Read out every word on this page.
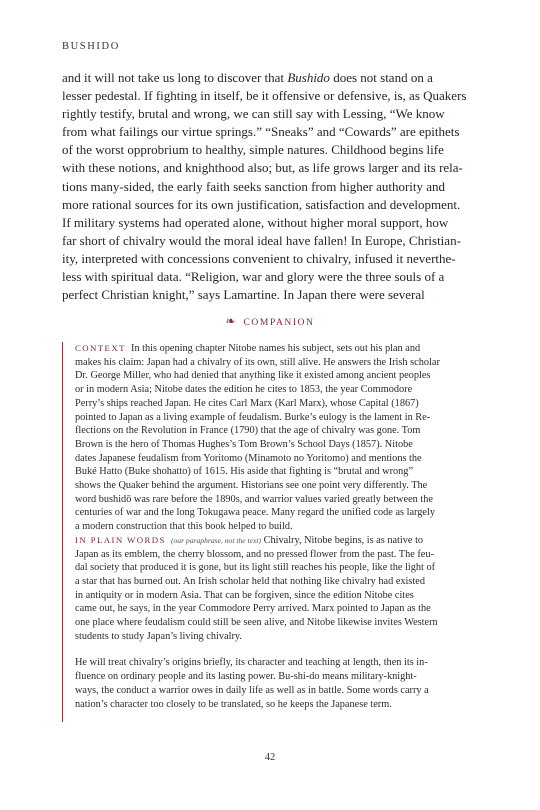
BUSHIDO

and it will not take us long to discover that Bushido does not stand on a

lesser pedestal. If fighting in itself, be it offensive or defensive, is, as Quakers

rightly testify, brutal and wrong, we can still say with Lessing, “We know

from what failings our virtue springs.” “Sneaks” and “Cowards” are epithets

of the worst opprobrium to healthy, simple natures. Childhood begins life

with these notions, and knighthood also; but, as life grows larger and its rela-

tions many-sided, the early faith seeks sanction from higher authority and

more rational sources for its own justification, satisfaction and development.

If military systems had operated alone, without higher moral support, how

far short of chivalry would the moral ideal have fallen! In Europe, Christian-

ity, interpreted with concessions convenient to chivalry, infused it neverthe-

less with spiritual data. “Religion, war and glory were the three souls of a

perfect Christian knight,” says Lamartine. In Japan there were several

❧ COMPANION

CONTEXT In this opening chapter Nitobe names his subject, sets out his plan and

makes his claim: Japan had a chivalry of its own, still alive. He answers the Irish scholar

Dr. George Miller, who had denied that anything like it existed among ancient peoples

or in modern Asia; Nitobe dates the edition he cites to 1853, the year Commodore

Perry’s ships reached Japan. He cites Carl Marx (Karl Marx), whose Capital (1867)

pointed to Japan as a living example of feudalism. Burke’s eulogy is the lament in Re-

flections on the Revolution in France (1790) that the age of chivalry was gone. Tom

Brown is the hero of Thomas Hughes’s Tom Brown’s School Days (1857). Nitobe

dates Japanese feudalism from Yoritomo (Minamoto no Yoritomo) and mentions the

Buké Hatto (Buke shohatto) of 1615. His aside that fighting is “brutal and wrong”

shows the Quaker behind the argument. Historians see one point very differently. The

word bushidō was rare before the 1890s, and warrior values varied greatly between the

centuries of war and the long Tokugawa peace. Many regard the unified code as largely

a modern construction that this book helped to build.

IN PLAIN WORDS (our paraphrase, not the text) Chivalry, Nitobe begins, is as native to

Japan as its emblem, the cherry blossom, and no pressed flower from the past. The feu-

dal society that produced it is gone, but its light still reaches his people, like the light of

a star that has burned out. An Irish scholar held that nothing like chivalry had existed

in antiquity or in modern Asia. That can be forgiven, since the edition Nitobe cites

came out, he says, in the year Commodore Perry arrived. Marx pointed to Japan as the

one place where feudalism could still be seen alive, and Nitobe likewise invites Western

students to study Japan’s living chivalry.

He will treat chivalry’s origins briefly, its character and teaching at length, then its in-

fluence on ordinary people and its lasting power. Bu-shi-do means military-knight-

ways, the conduct a warrior owes in daily life as well as in battle. Some words carry a

nation’s character too closely to be translated, so he keeps the Japanese term.

42
